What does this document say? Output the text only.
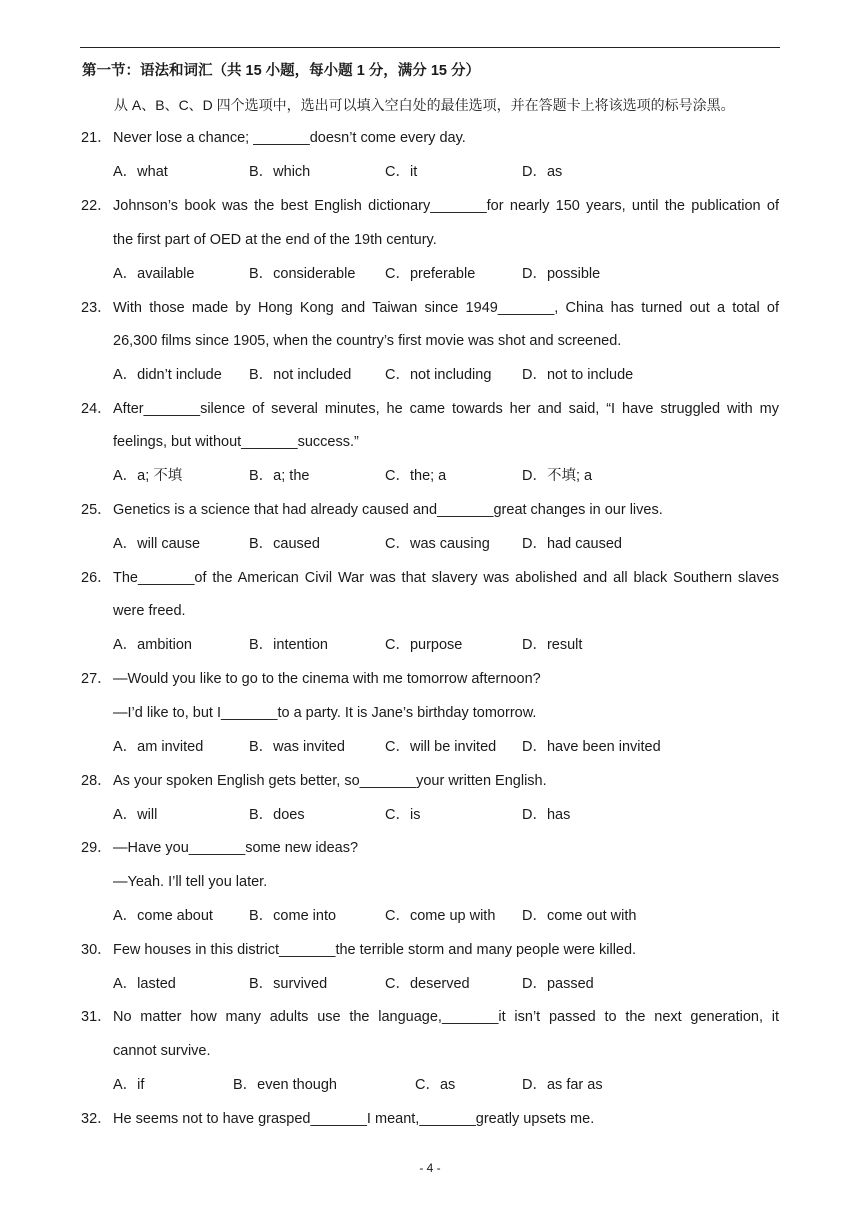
第一节：语法和词汇（共 15 小题，每小题 1 分，满分 15 分）
从 A、B、C、D 四个选项中，选出可以填入空白处的最佳选项，并在答题卡上将该选项的标号涂黑。
21． Never lose a chance; _______doesn’t come every day.
A．what	B．which	C．it	D．as
22． Johnson’s book was the best English dictionary_______for nearly 150 years, until the publication of
the first part of OED at the end of the 19th century.
A．available	B．considerable C．preferable	D．possible
23． With those made by Hong Kong and Taiwan since 1949_______, China has turned out a total of
26,300 films since 1905, when the country’s first movie was shot and screened.
A．didn’t include B．not included C．not including D．not to include
24． After_______silence of several minutes, he came towards her and said, “I have struggled with my
feelings, but without_______success.”
A．a; 不填	B．a; the	C．the; a	D．不填; a
25． Genetics is a science that had already caused and_______great changes in our lives.
A．will cause	B．caused	C．was causing D．had caused
26． The_______of the American Civil War was that slavery was abolished and all black Southern slaves
were freed.
A．ambition	B．intention	C．purpose	D．result
27． —Would you like to go to the cinema with me tomorrow afternoon?
—I’d like to, but I_______to a party. It is Jane’s birthday tomorrow.
A．am invited	B．was invited	C．will be invited D．have been invited
28． As your spoken English gets better, so_______your written English.
A．will	B．does	C．is	D．has
29． —Have you_______some new ideas?
—Yeah. I’ll tell you later.
A．come about B．come into	C．come up with D．come out with
30． Few houses in this district_______the terrible storm and many people were killed.
A．lasted	B．survived	C．deserved	D．passed
31． No matter how many adults use the language,_______it isn’t passed to the next generation, it
cannot survive.
A．if	B．even though	C．as	D．as far as
32． He seems not to have grasped_______I meant,_______greatly upsets me.
- 4 -
